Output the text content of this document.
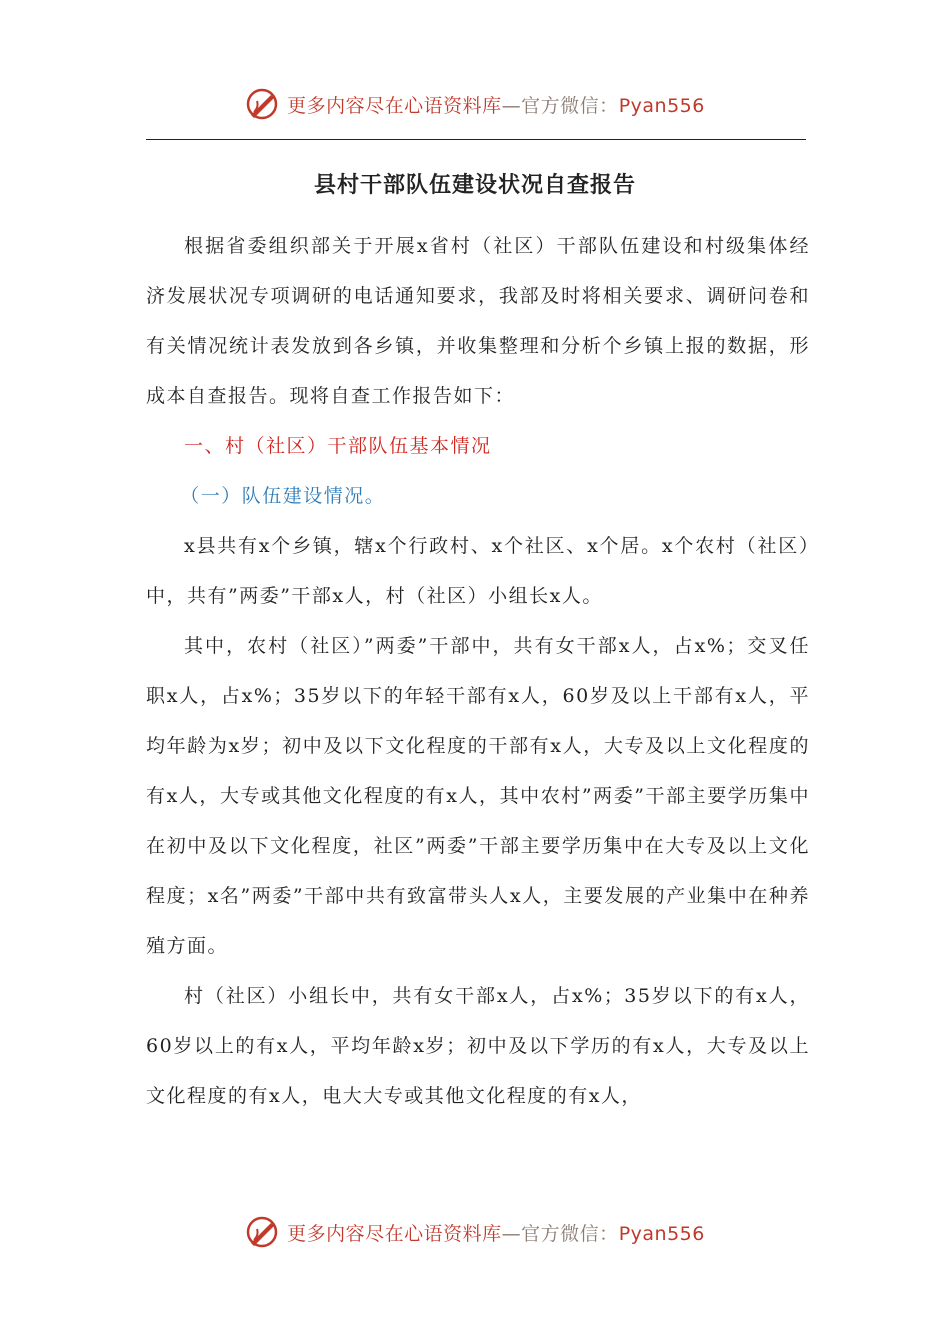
更多内容尽在心语资料库—官方微信：Pyan556
县村干部队伍建设状况自查报告

根据省委组织部关于开展x省村（社区）干部队伍建设和村级集体经济发展状况专项调研的电话通知要求，我部及时将相关要求、调研问卷和有关情况统计表发放到各乡镇，并收集整理和分析个乡镇上报的数据，形成本自查报告。现将自查工作报告如下：

一、村（社区）干部队伍基本情况

（一）队伍建设情况。

x县共有x个乡镇，辖x个行政村、x个社区、x个居。x个农村（社区）中，共有”两委”干部x人，村（社区）小组长x人。

其中，农村（社区）”两委”干部中，共有女干部x人，占x%；交叉任职x人，占x%；35岁以下的年轻干部有x人，60岁及以上干部有x人，平均年龄为x岁；初中及以下文化程度的干部有x人，大专及以上文化程度的有x人，大专或其他文化程度的有x人，其中农村”两委”干部主要学历集中在初中及以下文化程度，社区”两委”干部主要学历集中在大专及以上文化程度；x名”两委”干部中共有致富带头人x人，主要发展的产业集中在种养殖方面。

村（社区）小组长中，共有女干部x人，占x%；35岁以下的有x人，60岁以上的有x人，平均年龄x岁；初中及以下学历的有x人，大专及以上文化程度的有x人，电大大专或其他文化程度的有x人，

更多内容尽在心语资料库—官方微信：Pyan556
